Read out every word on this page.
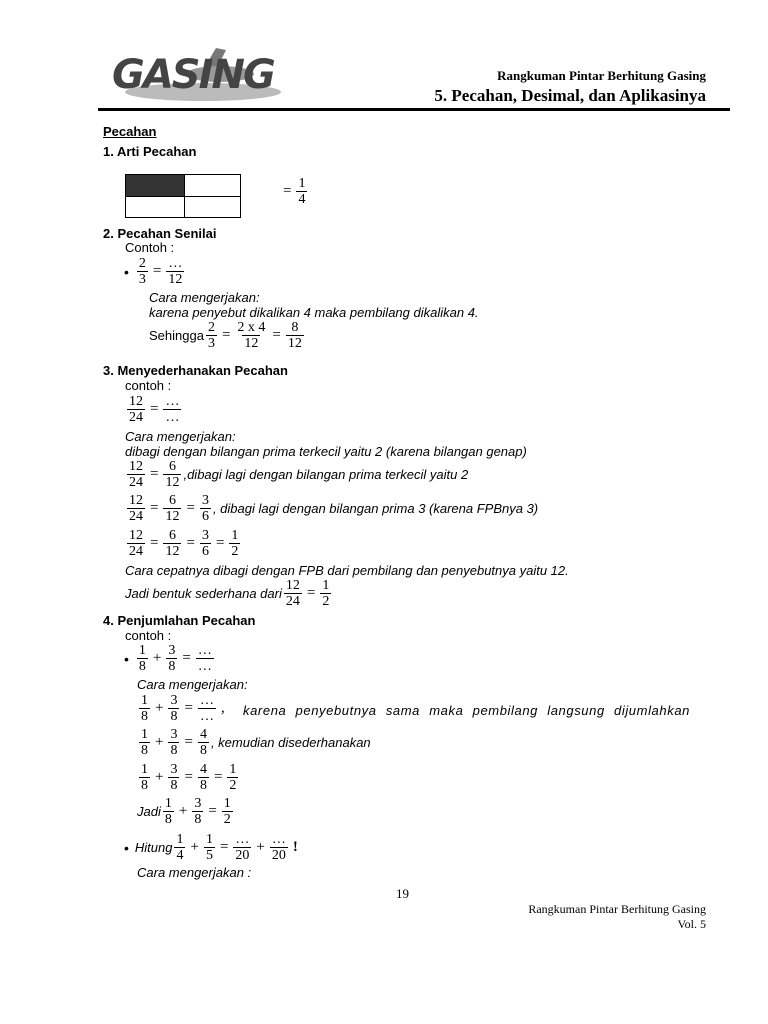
GASING	Rangkuman Pintar Berhitung Gasing
5. Pecahan, Desimal, dan Aplikasinya
Pecahan
1. Arti Pecahan
= $\frac{1}{4}$
2. Pecahan Senilai
Contoh :
• $\frac{2}{3} = \frac{\dots}{12}$
Cara mengerjakan:
karena penyebut dikalikan 4 maka pembilang dikalikan 4.
Sehingga $\frac{2}{3} = \frac{2 x 4}{12} = \frac{8}{12}$
3. Menyederhanakan Pecahan
contoh :
$\frac{12}{24} = \frac{\dots}{\dots}$
Cara mengerjakan:
dibagi dengan bilangan prima terkecil yaitu 2 (karena bilangan genap)
$\frac{12}{24} = \frac{6}{12}$ ,dibagi lagi dengan bilangan prima terkecil yaitu 2
$\frac{12}{24} = \frac{6}{12} = \frac{3}{6}$ , dibagi lagi dengan bilangan prima 3 (karena FPBnya 3)
$\frac{12}{24} = \frac{6}{12} = \frac{3}{6} = \frac{1}{2}$
Cara cepatnya dibagi dengan FPB dari pembilang dan penyebutnya yaitu 12.
Jadi bentuk sederhana dari $\frac{12}{24} = \frac{1}{2}$
4. Penjumlahan Pecahan
contoh :
• $\frac{1}{8} + \frac{3}{8} = \frac{\dots}{\dots}$
Cara mengerjakan:
$\frac{1}{8} + \frac{3}{8} = \frac{\dots}{\dots}$ , karena penyebutnya sama maka pembilang langsung dijumlahkan
$\frac{1}{8} + \frac{3}{8} = \frac{4}{8}$ , kemudian disederhanakan
$\frac{1}{8} + \frac{3}{8} = \frac{4}{8} = \frac{1}{2}$
Jadi $\frac{1}{8} + \frac{3}{8} = \frac{1}{2}$
• Hitung $\frac{1}{4} + \frac{1}{5} = \frac{\dots}{20} + \frac{\dots}{20}$ !
Cara mengerjakan :
19
Rangkuman Pintar Berhitung Gasing
Vol. 5
